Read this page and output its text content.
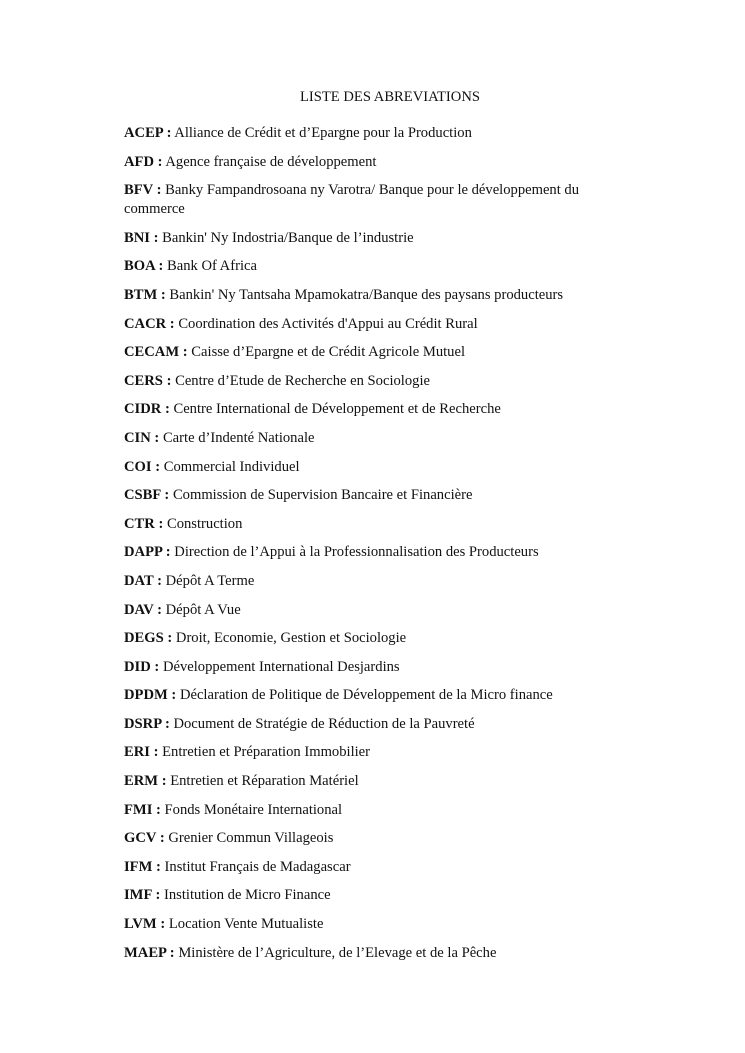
LISTE DES ABREVIATIONS
ACEP : Alliance de Crédit et d’Epargne pour la Production
AFD : Agence française de développement
BFV : Banky Fampandrosoana ny Varotra/ Banque pour le développement du commerce
BNI : Bankin' Ny Indostria/Banque de l’industrie
BOA : Bank Of Africa
BTM : Bankin' Ny Tantsaha Mpamokatra/Banque des paysans producteurs
CACR : Coordination des Activités d'Appui au Crédit Rural
CECAM : Caisse d’Epargne et de Crédit Agricole Mutuel
CERS : Centre d’Etude de Recherche en Sociologie
CIDR : Centre International de Développement et de Recherche
CIN : Carte d’Indenté Nationale
COI : Commercial Individuel
CSBF : Commission de Supervision Bancaire et Financière
CTR : Construction
DAPP : Direction de l’Appui à la Professionnalisation des Producteurs
DAT : Dépôt A Terme
DAV : Dépôt A Vue
DEGS : Droit, Economie, Gestion et Sociologie
DID : Développement International Desjardins
DPDM : Déclaration de Politique de Développement de la Micro finance
DSRP : Document de Stratégie de Réduction de la Pauvreté
ERI : Entretien et Préparation Immobilier
ERM : Entretien et Réparation Matériel
FMI : Fonds Monétaire International
GCV : Grenier Commun Villageois
IFM : Institut Français de Madagascar
IMF : Institution de Micro Finance
LVM : Location Vente Mutualiste
MAEP : Ministère de l’Agriculture, de l’Elevage et de la Pêche
